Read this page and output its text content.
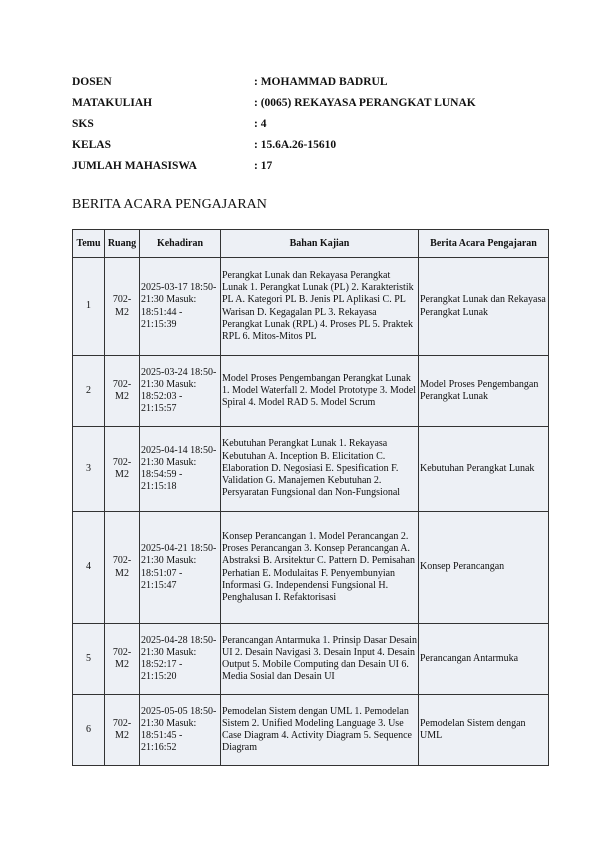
DOSEN	: MOHAMMAD BADRUL
MATAKULIAH	: (0065) REKAYASA PERANGKAT LUNAK
SKS	: 4
KELAS	: 15.6A.26-15610
JUMLAH MAHASISWA	: 17
BERITA ACARA PENGAJARAN
Temu	Ruang	Kehadiran	Bahan Kajian	Berita Acara Pengajaran
1	702-M2	2025-03-17 18:50-21:30 Masuk: 18:51:44 - 21:15:39	Perangkat Lunak dan Rekayasa Perangkat Lunak 1. Perangkat Lunak (PL) 2. Karakteristik PL A. Kategori PL B. Jenis PL Aplikasi C. PL Warisan D. Kegagalan PL 3. Rekayasa Perangkat Lunak (RPL) 4. Proses PL 5. Praktek RPL 6. Mitos-Mitos PL	Perangkat Lunak dan Rekayasa Perangkat Lunak
2	702-M2	2025-03-24 18:50-21:30 Masuk: 18:52:03 - 21:15:57	Model Proses Pengembangan Perangkat Lunak 1. Model Waterfall 2. Model Prototype 3. Model Spiral 4. Model RAD 5. Model Scrum	Model Proses Pengembangan Perangkat Lunak
3	702-M2	2025-04-14 18:50-21:30 Masuk: 18:54:59 - 21:15:18	Kebutuhan Perangkat Lunak 1. Rekayasa Kebutuhan A. Inception B. Elicitation C. Elaboration D. Negosiasi E. Spesification F. Validation G. Manajemen Kebutuhan 2. Persyaratan Fungsional dan Non-Fungsional	Kebutuhan Perangkat Lunak
4	702-M2	2025-04-21 18:50-21:30 Masuk: 18:51:07 - 21:15:47	Konsep Perancangan 1. Model Perancangan 2. Proses Perancangan 3. Konsep Perancangan A. Abstraksi B. Arsitektur C. Pattern D. Pemisahan Perhatian E. Modulaitas F. Penyembunyian Informasi G. Independensi Fungsional H. Penghalusan I. Refaktorisasi	Konsep Perancangan
5	702-M2	2025-04-28 18:50-21:30 Masuk: 18:52:17 - 21:15:20	Perancangan Antarmuka 1. Prinsip Dasar Desain UI 2. Desain Navigasi 3. Desain Input 4. Desain Output 5. Mobile Computing dan Desain UI 6. Media Sosial dan Desain UI	Perancangan Antarmuka
6	702-M2	2025-05-05 18:50-21:30 Masuk: 18:51:45 - 21:16:52	Pemodelan Sistem dengan UML 1. Pemodelan Sistem 2. Unified Modeling Language 3. Use Case Diagram 4. Activity Diagram 5. Sequence Diagram	Pemodelan Sistem dengan UML
